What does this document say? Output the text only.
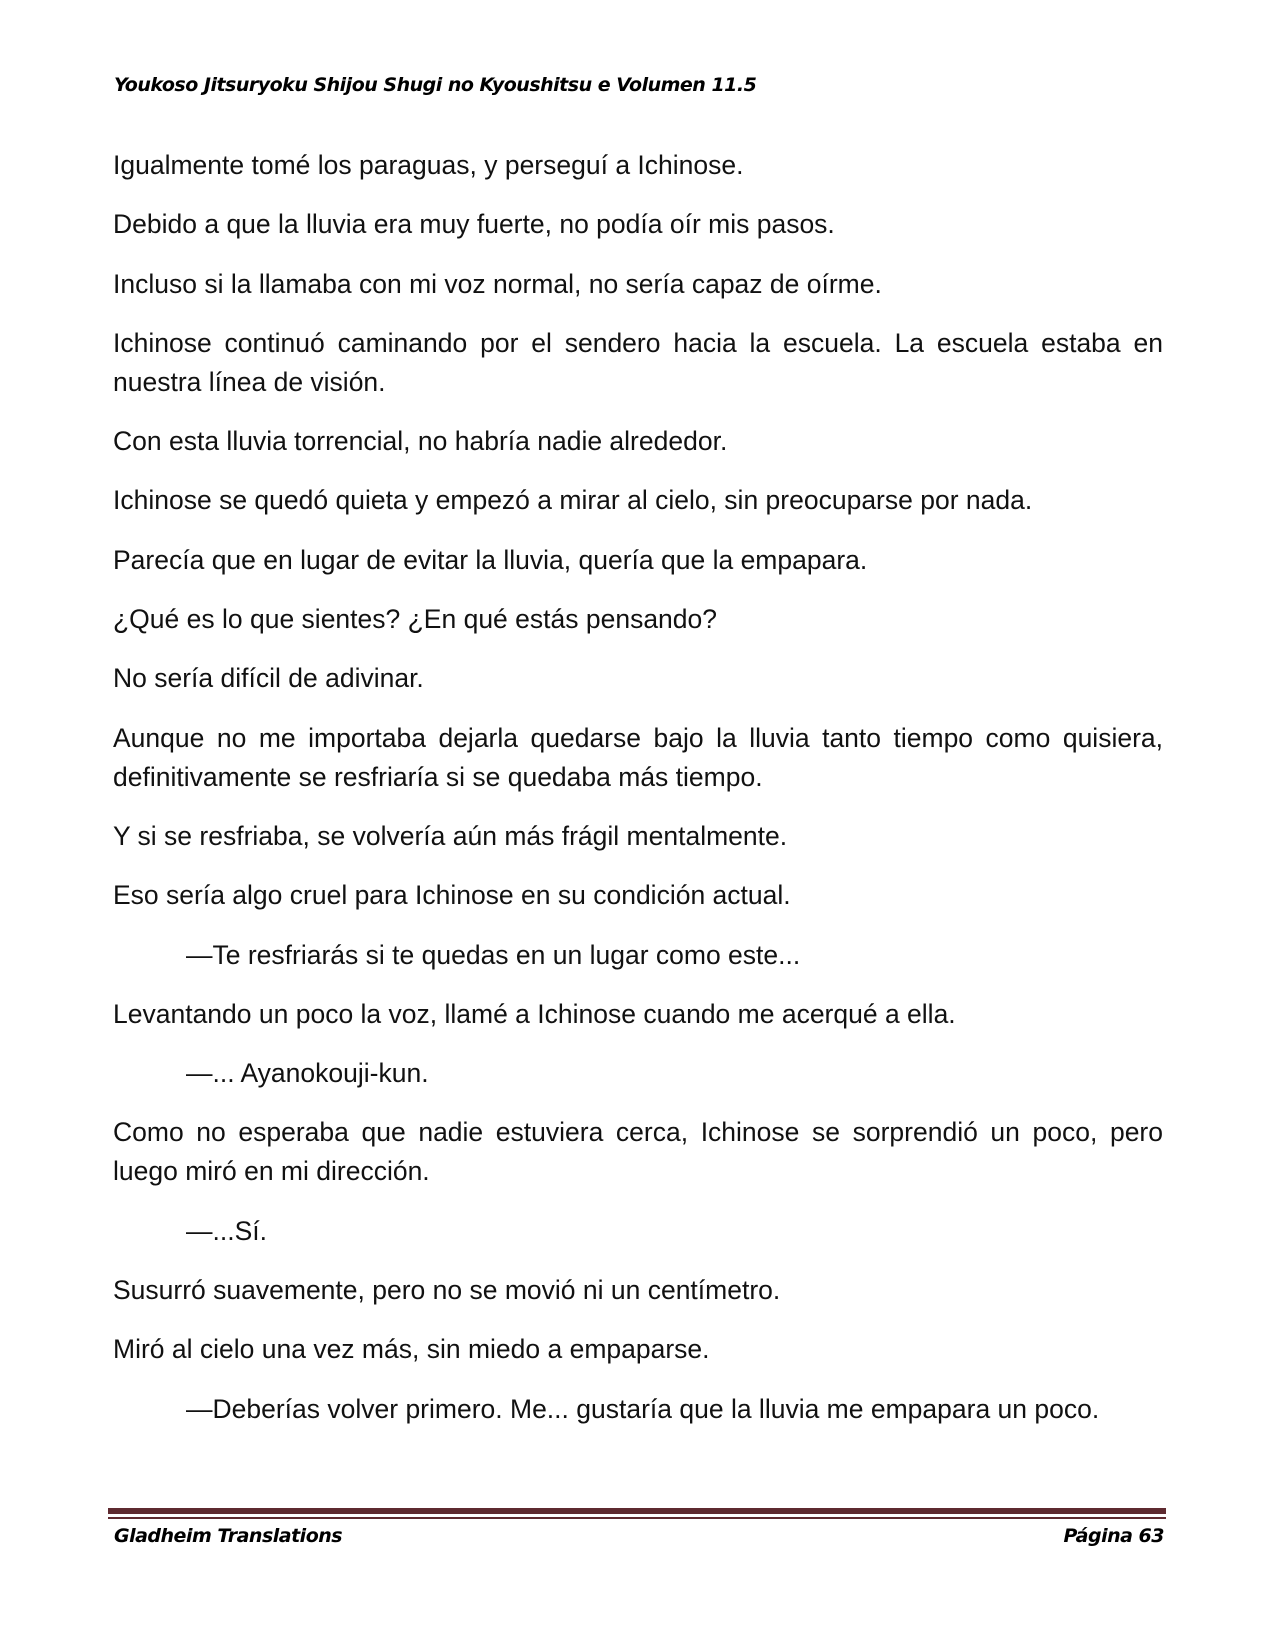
Youkoso Jitsuryoku Shijou Shugi no Kyoushitsu e Volumen 11.5

Igualmente tomé los paraguas, y perseguí a Ichinose.

Debido a que la lluvia era muy fuerte, no podía oír mis pasos.

Incluso si la llamaba con mi voz normal, no sería capaz de oírme.

Ichinose continuó caminando por el sendero hacia la escuela. La escuela estaba en nuestra línea de visión.

Con esta lluvia torrencial, no habría nadie alrededor.

Ichinose se quedó quieta y empezó a mirar al cielo, sin preocuparse por nada.

Parecía que en lugar de evitar la lluvia, quería que la empapara.

¿Qué es lo que sientes? ¿En qué estás pensando?

No sería difícil de adivinar.

Aunque no me importaba dejarla quedarse bajo la lluvia tanto tiempo como quisiera, definitivamente se resfriaría si se quedaba más tiempo.

Y si se resfriaba, se volvería aún más frágil mentalmente.

Eso sería algo cruel para Ichinose en su condición actual.

—Te resfriarás si te quedas en un lugar como este...

Levantando un poco la voz, llamé a Ichinose cuando me acerqué a ella.

—... Ayanokouji-kun.

Como no esperaba que nadie estuviera cerca, Ichinose se sorprendió un poco, pero luego miró en mi dirección.

—...Sí.

Susurró suavemente, pero no se movió ni un centímetro.

Miró al cielo una vez más, sin miedo a empaparse.

—Deberías volver primero. Me... gustaría que la lluvia me empapara un poco.

Gladheim Translations	Página 63
